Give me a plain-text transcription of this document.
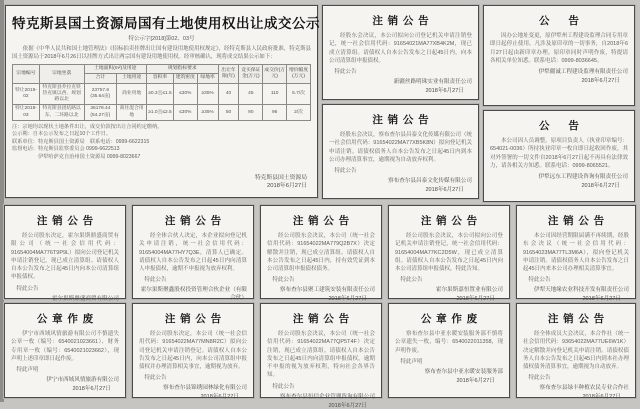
特克斯县国土资源局国有土地使用权出让成交公示
特公示字[2018]第02、03号

依据《中华人民共和国土地管理法》《招标拍卖挂牌出让国有建设用地使用权规定》，经特克斯县人民政府批准，特克斯县国土资源局于2018年6月26日以挂牌方式出让两宗国有建设用地使用权。经审核确认，现将成交结果公示如下：

宗地编号	宗地坐落	土地面积(m²)及用途		规划指标要求			出让年限(年)	竞买保证金(万元)	成交价(万元)	增价幅度(万元)
		合计	土地用途	容积率	建筑密度	绿地率				
特让2018-02	特克斯县乔拉克铁热克镇以西、规划路以北	23757.6 (35.64亩)	商业用地	≥0.3且≤1.5	≤30%	≥35%	40	45	110	5.7/次
特让2018-03	特克斯县团结路以东、二环路以北	36178.44 (54.27亩)	商住混合用地	≥1.0且≤2.5	≤30%	≥35%	50	90	96	2/次
注：宗地均以现状土地条件出让，成交价款按出让合同约定缴纳。
公示期：自本公示发布之日起10个工作日。
联系单位：特克斯县国土资源局　联系电话：0999-6622315
监督电话：特克斯县监察委员会 0999-6622513
伊犁哈萨克自治州国土资源局 0999-8023667
特克斯县国土资源局
2018年6月27日
注销公告

经股东会决议，本公司拟向公司登记机关申请注销登记，统一社会信用代码：91654021MA77XB4K2M，现已成立清算组。请债权人自本公告发布之日起45日内，向本公司清算组申报债权。

特此公告
新疆丝路明珠实业有限责任公司
2018年6月27日
公告

因办公地址变更，原伊犁州工程建设监理合同专用章即日起停止使用。凡涉及原印章的一切事务，自2018年6月27日起由新印章办理，原印章同时声明作废，特提请各相关单位知悉。联系电话：0999-8036645。

伊犁疆诚工程建设监理有限责任公司
2018年6月27日
注销公告

经股东会决议，察布查尔县昌泰文化传媒有限公司（统一社会信用代码：91654022MA77XB5K8N）拟向登记机关申请注销。请债权债务人自本公告发布之日起45日内到本公司办理清算事宜，逾期视为自动放弃权利。

特此公告
察布查尔县昌泰文化传媒有限公司
2018年6月27日
公告

本公司因人员调整，原项目负责人（执业印章编号：654021-0036）所持执业印章一枚自即日起收回作废，其对外签署的一切文件自2018年6月27日起不再具有法律效力，请各相关方知悉。联系电话：0999-8065521。

伊犁远东工程建设咨询有限责任公司
2018年6月27日
注销公告

经公司股东决定，霍尔果斯鼎盛商贸有限公司（统一社会信用代码：91654004MA776T9P9L）拟向公司登记机关申请注销登记，现已成立清算组。请债权人自本公告发布之日起45日内向本公司清算组申报债权。

特此公告
霍尔果斯鼎盛商贸有限公司
注销公告

经全体合伙人决定，本企业拟向登记机关申请注销，统一社会信用代码：91654004MA77HY7Q3E，清算人已确定。请债权人自本公告发布之日起45日内向清算人申报债权，逾期不申报视为放弃权利。

特此公告
霍尔果斯聚鑫股权投资管理合伙企业（有限
合伙）
注销公告

经公司股东会决议，本公司（统一社会信用代码：91654022MA779Q2B7X）决定解散并注销，现已成立清算组。请债权人自本公告发布之日起45日内，持有效凭证到本公司清算组申报债权债务。

特此公告
察布查尔县聚工建筑安装有限责任公司
2018年6月27日
注销公告

经公司股东会决议，本公司拟向公司登记机关申请注销登记，统一社会信用代码：91654004MA77KC2D5W，现已成立清算组。请债权人自本公告发布之日起45日内向本公司清算组申报债权，特此告知。

特此公告
霍尔果斯嘉恒置业有限公司
2018年6月27日
注销公告

本公司因经营期限届满不再续期，经股东会决议（统一社会信用代码：91654023MA77TL3M6A），拟向登记机关申请注销。请债权债务人自本公告发布之日起45日内来本公司办理相关清算事宜。

特此公告
伊犁天地缘农业科技开发有限责任公司
2018年6月27日
公章作废

伊宁市西域风情旅游有限公司不慎遗失公章一枚（编号：6540021023661）、财务专用章一枚（编号：6540021023662），现声明上述印章即日起作废。

特此声明
伊宁市西域风情旅游有限公司
2018年6月27日
注销公告

经公司股东决定，本公司（统一社会信用代码：91654022MA77MN8R2C）拟向公司登记机关申请注销登记。请债权人自本公告发布之日起45日内，向本公司清算组申报债权并办理清算相关事宜，逾期视为放弃。

特此公告
察布查尔县锦绣园林绿化有限公司
2018年6月27日
注销公告

经公司股东会决议，本公司（统一社会信用代码：91654022MA77QP5T4F）决定注销，现已成立清算组。请债权人自本公告发布之日起45日内向清算组申报债权，逾期不申报的视为放弃权利，特向社会各界告知。

特此公告
察布查尔县恒信企业管理咨询有限公司
2018年6月27日
公章作废

察布查尔县中亚水暖安装服务部不慎将公章遗失一枚，编号：6540022011358，现声明作废。

特此声明
察布查尔县中亚水暖安装服务部
2018年6月27日
注销公告

经全体成员大会决议，本合作社（统一社会信用代码：93654022MA77UE6W1K）决定解散并向登记机关申请注销。请债权债务人自本公告发布之日起45日内到本社办理债权债务清算事宜，逾期视为自动放弃。

特此公告
察布查尔县绿丰种植农民专业合作社
2018年6月27日
